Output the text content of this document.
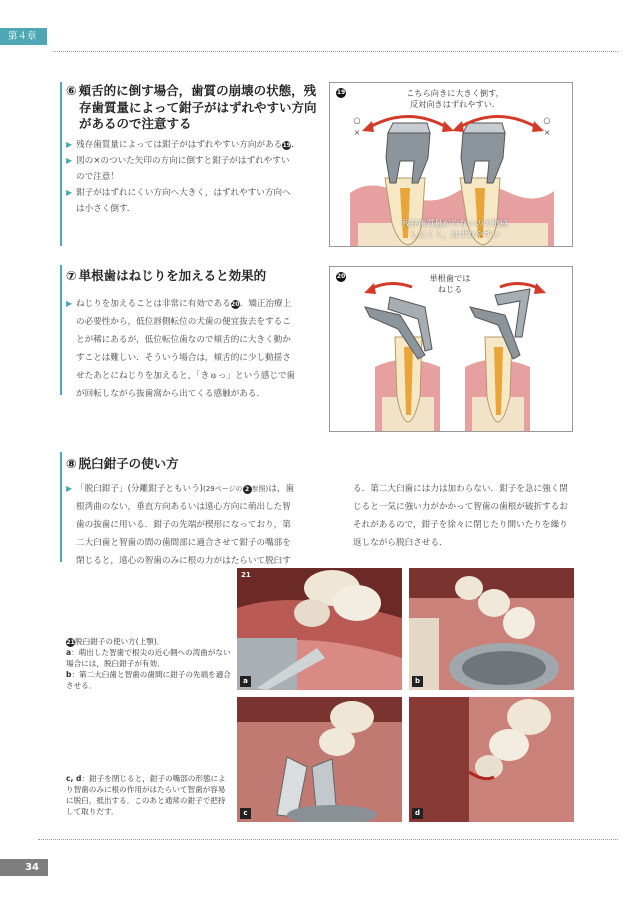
第４章
34
⑥ 頬舌的に倒す場合，歯質の崩壊の状態，残
存歯質量によって鉗子がはずれやすい方向
があるので注意する
▶ 残存歯質量によっては鉗子がはずれやすい方向がある19．
▶ 図の×のついた矢印の方向に倒すと鉗子がはずれやすい
ので注意！
▶ 鉗子がはずれにくい方向へ大きく，はずれやすい方向へ
は小さく倒す．
19	こちら向きに大きく倒す，
反対向きはずれやすい．
○
×
○
×
残存歯質量が少ないので把持
しにくく，はずれやすい
⑦ 単根歯はねじりを加えると効果的
▶ ねじりを加えることは非常に有効である20．矯正治療上
の必要性から，低位唇側転位の犬歯の便宜抜去をするこ
とが稀にあるが，低位転位歯なので頬舌的に大きく動か
すことは難しい．そういう場合は，頬舌的に少し動揺さ
せたあとにねじりを加えると，「きゅっ」という感じで歯
が回転しながら抜歯窩から出てくる感触がある．
20	単根歯では
ねじる
⑧ 脱臼鉗子の使い方
▶ 「脱臼鉗子」(分離鉗子ともいう)(29ページの 2 参照)は，歯
根湾曲のない，垂直方向あるいは遠心方向に萌出した智
歯の抜歯に用いる．鉗子の先端が楔形になっており，第
二大臼歯と智歯の間の歯間部に適合させて鉗子の嘴部を
閉じると，遠心の智歯のみに根の力がはたらいて脱臼す
る．第二大臼歯には力は加わらない．鉗子を急に強く閉
じると一気に強い力がかかって智歯の歯根が破折するお
それがあるので，鉗子を徐々に閉じたり開いたりを繰り
返しながら脱臼させる．
21脱臼鉗子の使い方(上顎)．
a：萌出した智歯で根尖の近心側への湾曲がない場合には，脱臼鉗子が有効．
b：第二大臼歯と智歯の歯間に鉗子の先端を適合させる．
c, d：鉗子を閉じると，鉗子の嘴部の形態により智歯のみに根の作用がはたらいて智歯が容易に脱臼，抵出する．このあと通常の鉗子で把持して取りだす．
21
a	b
c	d
